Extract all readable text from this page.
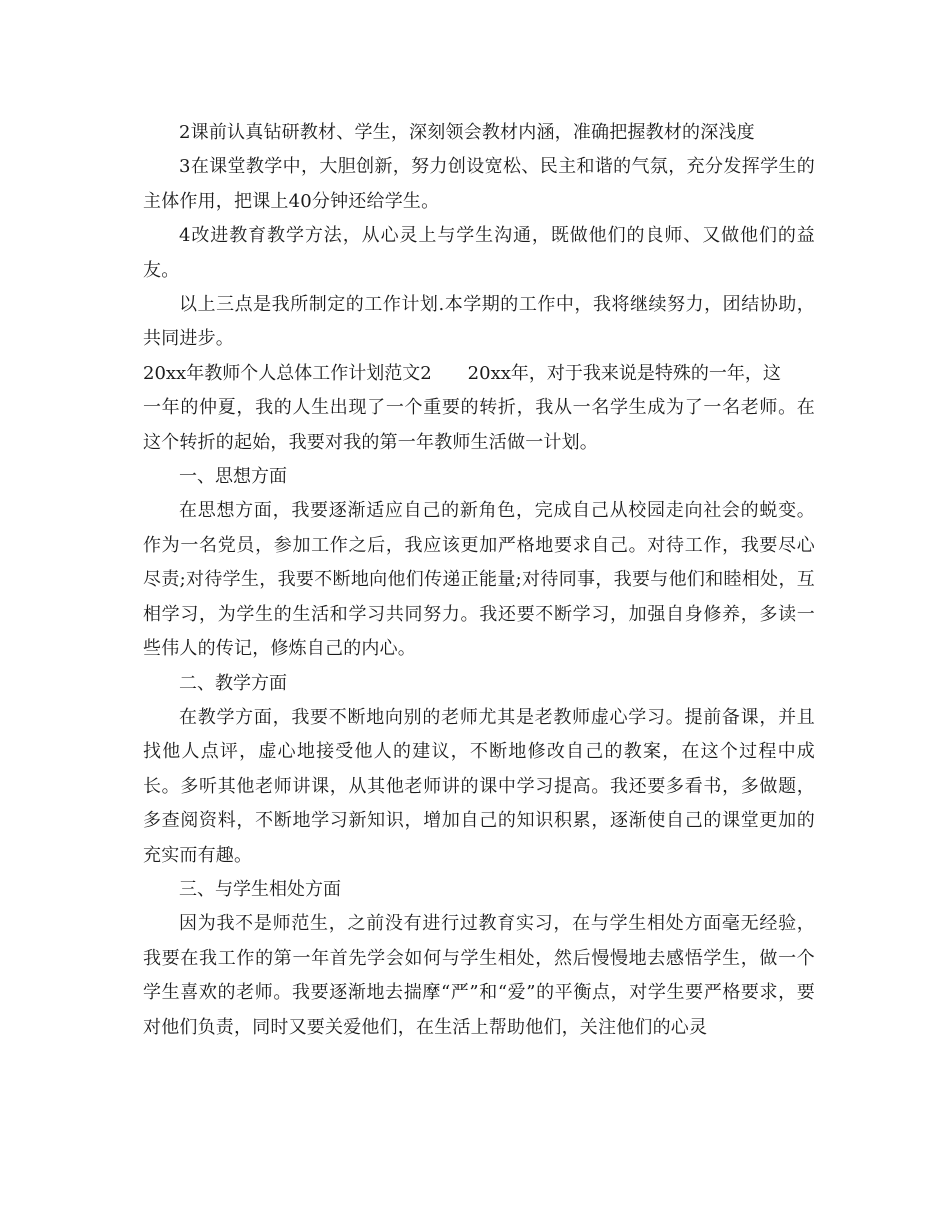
2课前认真钻研教材、学生，深刻领会教材内涵，准确把握教材的深浅度

3在课堂教学中，大胆创新，努力创设宽松、民主和谐的气氛，充分发挥学生的主体作用，把课上40分钟还给学生。

4改进教育教学方法，从心灵上与学生沟通，既做他们的良师、又做他们的益友。

以上三点是我所制定的工作计划.本学期的工作中，我将继续努力，团结协助，共同进步。

20xx年教师个人总体工作计划范文2 20xx年，对于我来说是特殊的一年，这

一年的仲夏，我的人生出现了一个重要的转折，我从一名学生成为了一名老师。在这个转折的起始，我要对我的第一年教师生活做一计划。

一、思想方面

在思想方面，我要逐渐适应自己的新角色，完成自己从校园走向社会的蜕变。作为一名党员，参加工作之后，我应该更加严格地要求自己。对待工作，我要尽心尽责;对待学生，我要不断地向他们传递正能量;对待同事，我要与他们和睦相处，互相学习，为学生的生活和学习共同努力。我还要不断学习，加强自身修养，多读一些伟人的传记，修炼自己的内心。

二、教学方面

在教学方面，我要不断地向别的老师尤其是老教师虚心学习。提前备课，并且找他人点评，虚心地接受他人的建议，不断地修改自己的教案，在这个过程中成长。多听其他老师讲课，从其他老师讲的课中学习提高。我还要多看书，多做题，多查阅资料，不断地学习新知识，增加自己的知识积累，逐渐使自己的课堂更加的充实而有趣。

三、与学生相处方面

因为我不是师范生，之前没有进行过教育实习，在与学生相处方面毫无经验，我要在我工作的第一年首先学会如何与学生相处，然后慢慢地去感悟学生，做一个学生喜欢的老师。我要逐渐地去揣摩“严”和“爱”的平衡点，对学生要严格要求，要对他们负责，同时又要关爱他们，在生活上帮助他们，关注他们的心灵
